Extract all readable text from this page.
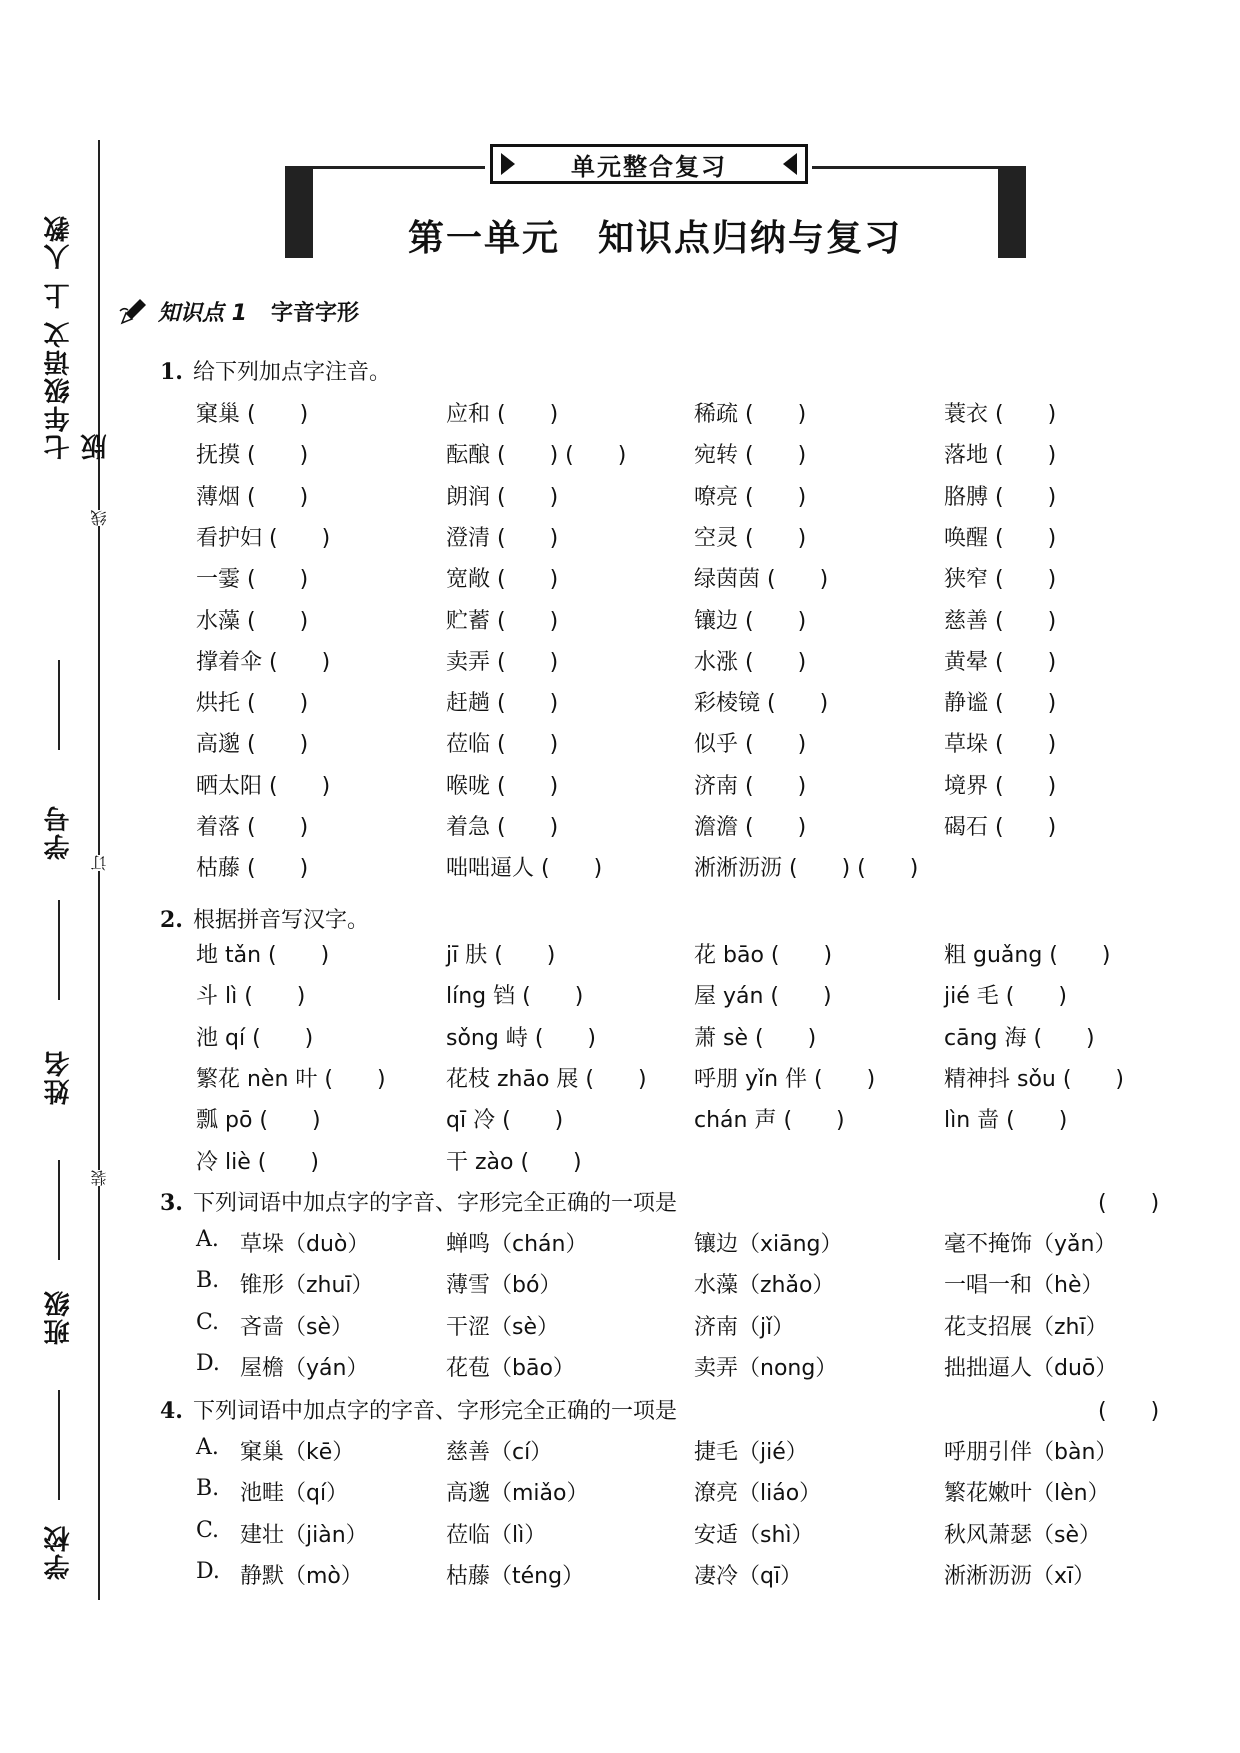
七年级语文 上 人教版
线
学号
订
姓名
装
班级
学校
单元整合复习
第一单元　知识点归纳与复习
知识点 1 字音字形
1. 给下列加点字注音。
窠巢 (　　)	应和 (　　)	稀疏 (　　)	蓑衣 (　　)
抚摸 (　　)	酝酿 (　　) (　　)	宛转 (　　)	落地 (　　)
薄烟 (　　)	朗润 (　　)	嘹亮 (　　)	胳膊 (　　)
看护妇 (　　)	澄清 (　　)	空灵 (　　)	唤醒 (　　)
一霎 (　　)	宽敞 (　　)	绿茵茵 (　　)	狭窄 (　　)
水藻 (　　)	贮蓄 (　　)	镶边 (　　)	慈善 (　　)
撑着伞 (　　)	卖弄 (　　)	水涨 (　　)	黄晕 (　　)
烘托 (　　)	赶趟 (　　)	彩棱镜 (　　)	静谧 (　　)
高邈 (　　)	莅临 (　　)	似乎 (　　)	草垛 (　　)
晒太阳 (　　)	喉咙 (　　)	济南 (　　)	境界 (　　)
着落 (　　)	着急 (　　)	澹澹 (　　)	碣石 (　　)
枯藤 (　　)	咄咄逼人 (　　)	淅淅沥沥 (　　) (　　)
2. 根据拼音写汉字。
地 tǎn (　　)	jī 肤 (　　)	花 bāo (　　)	粗 guǎng (　　)
斗 lì (　　)	líng 铛 (　　)	屋 yán (　　)	jié 毛 (　　)
池 qí (　　)	sǒng 峙 (　　)	萧 sè (　　)	cāng 海 (　　)
繁花 nèn 叶 (　　)	花枝 zhāo 展 (　　) 呼朋 yǐn 伴 (　　)	精神抖 sǒu (　　)
瓢 pō (　　)	qī 冷 (　　)	chán 声 (　　)	lìn 啬 (　　)
冷 liè (　　)	干 zào (　　)
3. 下列词语中加点字的字音、字形完全正确的一项是	(　　)
A. 草垛（duò）	蝉鸣（chán）	镶边（xiāng）	毫不掩饰（yǎn）
B. 锥形（zhuī）	薄雪（bó）	水藻（zhǎo）	一唱一和（hè）
C. 吝啬（sè）	干涩（sè）	济南（jǐ）	花支招展（zhī）
D. 屋檐（yán）	花苞（bāo）	卖弄（nong）	拙拙逼人（duō）
4. 下列词语中加点字的字音、字形完全正确的一项是	(　　)
A. 窠巢（kē）	慈善（cí）	捷毛（jié）	呼朋引伴（bàn）
B. 池畦（qí）	高邈（miǎo）	潦亮（liáo）	繁花嫩叶（lèn）
C. 建壮（jiàn）	莅临（lì）	安适（shì）	秋风萧瑟（sè）
D. 静默（mò）	枯藤（téng）	凄冷（qī）	淅淅沥沥（xī）
